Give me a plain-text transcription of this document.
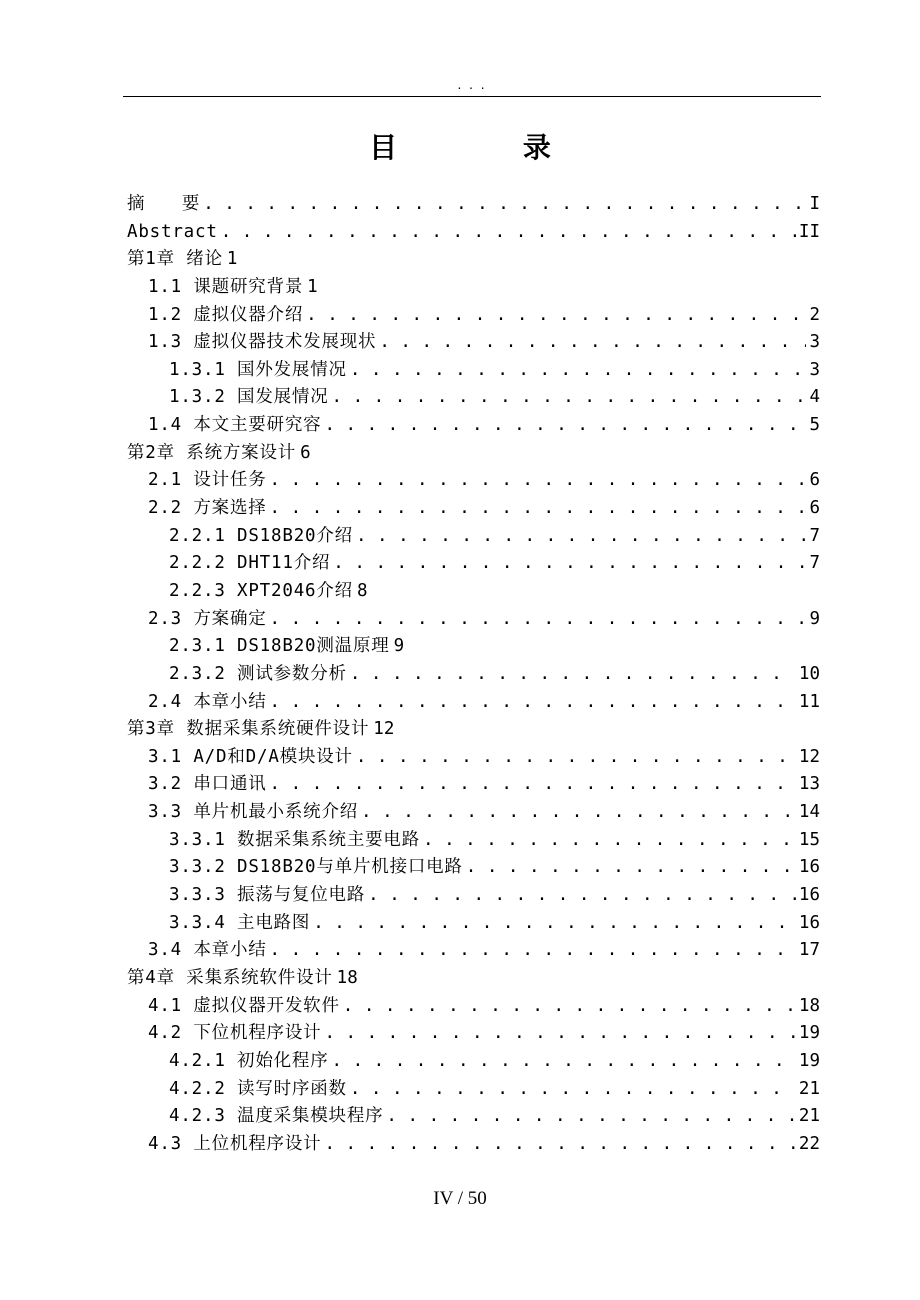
. . .
目 录
摘　　要 . . .	I
Abstract . . .	II
第1章 绪论 1
1.1 课题研究背景 1
1.2 虚拟仪器介绍 . . .	2
1.3 虚拟仪器技术发展现状 . . .	3
1.3.1 国外发展情况 . . .	3
1.3.2 国发展情况 . . .	4
1.4 本文主要研究容 . . .	5
第2章 系统方案设计 6
2.1 设计任务 . . .	6
2.2 方案选择 . . .	6
2.2.1 DS18B20介绍 . . .	7
2.2.2 DHT11介绍 . . .	7
2.2.3 XPT2046介绍 8
2.3 方案确定 . . .	9
2.3.1 DS18B20测温原理 9
2.3.2 测试参数分析 . . .	10
2.4 本章小结 . . .	11
第3章 数据采集系统硬件设计 12
3.1 A/D和D/A模块设计 . . .	12
3.2 串口通讯 . . .	13
3.3 单片机最小系统介绍 . . .	14
3.3.1 数据采集系统主要电路 . . .	15
3.3.2 DS18B20与单片机接口电路 . . .	16
3.3.3 振荡与复位电路 . . .	16
3.3.4 主电路图 . . .	16
3.4 本章小结 . . .	17
第4章 采集系统软件设计 18
4.1 虚拟仪器开发软件 . . .	18
4.2 下位机程序设计 . . .	19
4.2.1 初始化程序 . . .	19
4.2.2 读写时序函数 . . .	21
4.2.3 温度采集模块程序 . . .	21
4.3 上位机程序设计 . . .	22
IV / 50
